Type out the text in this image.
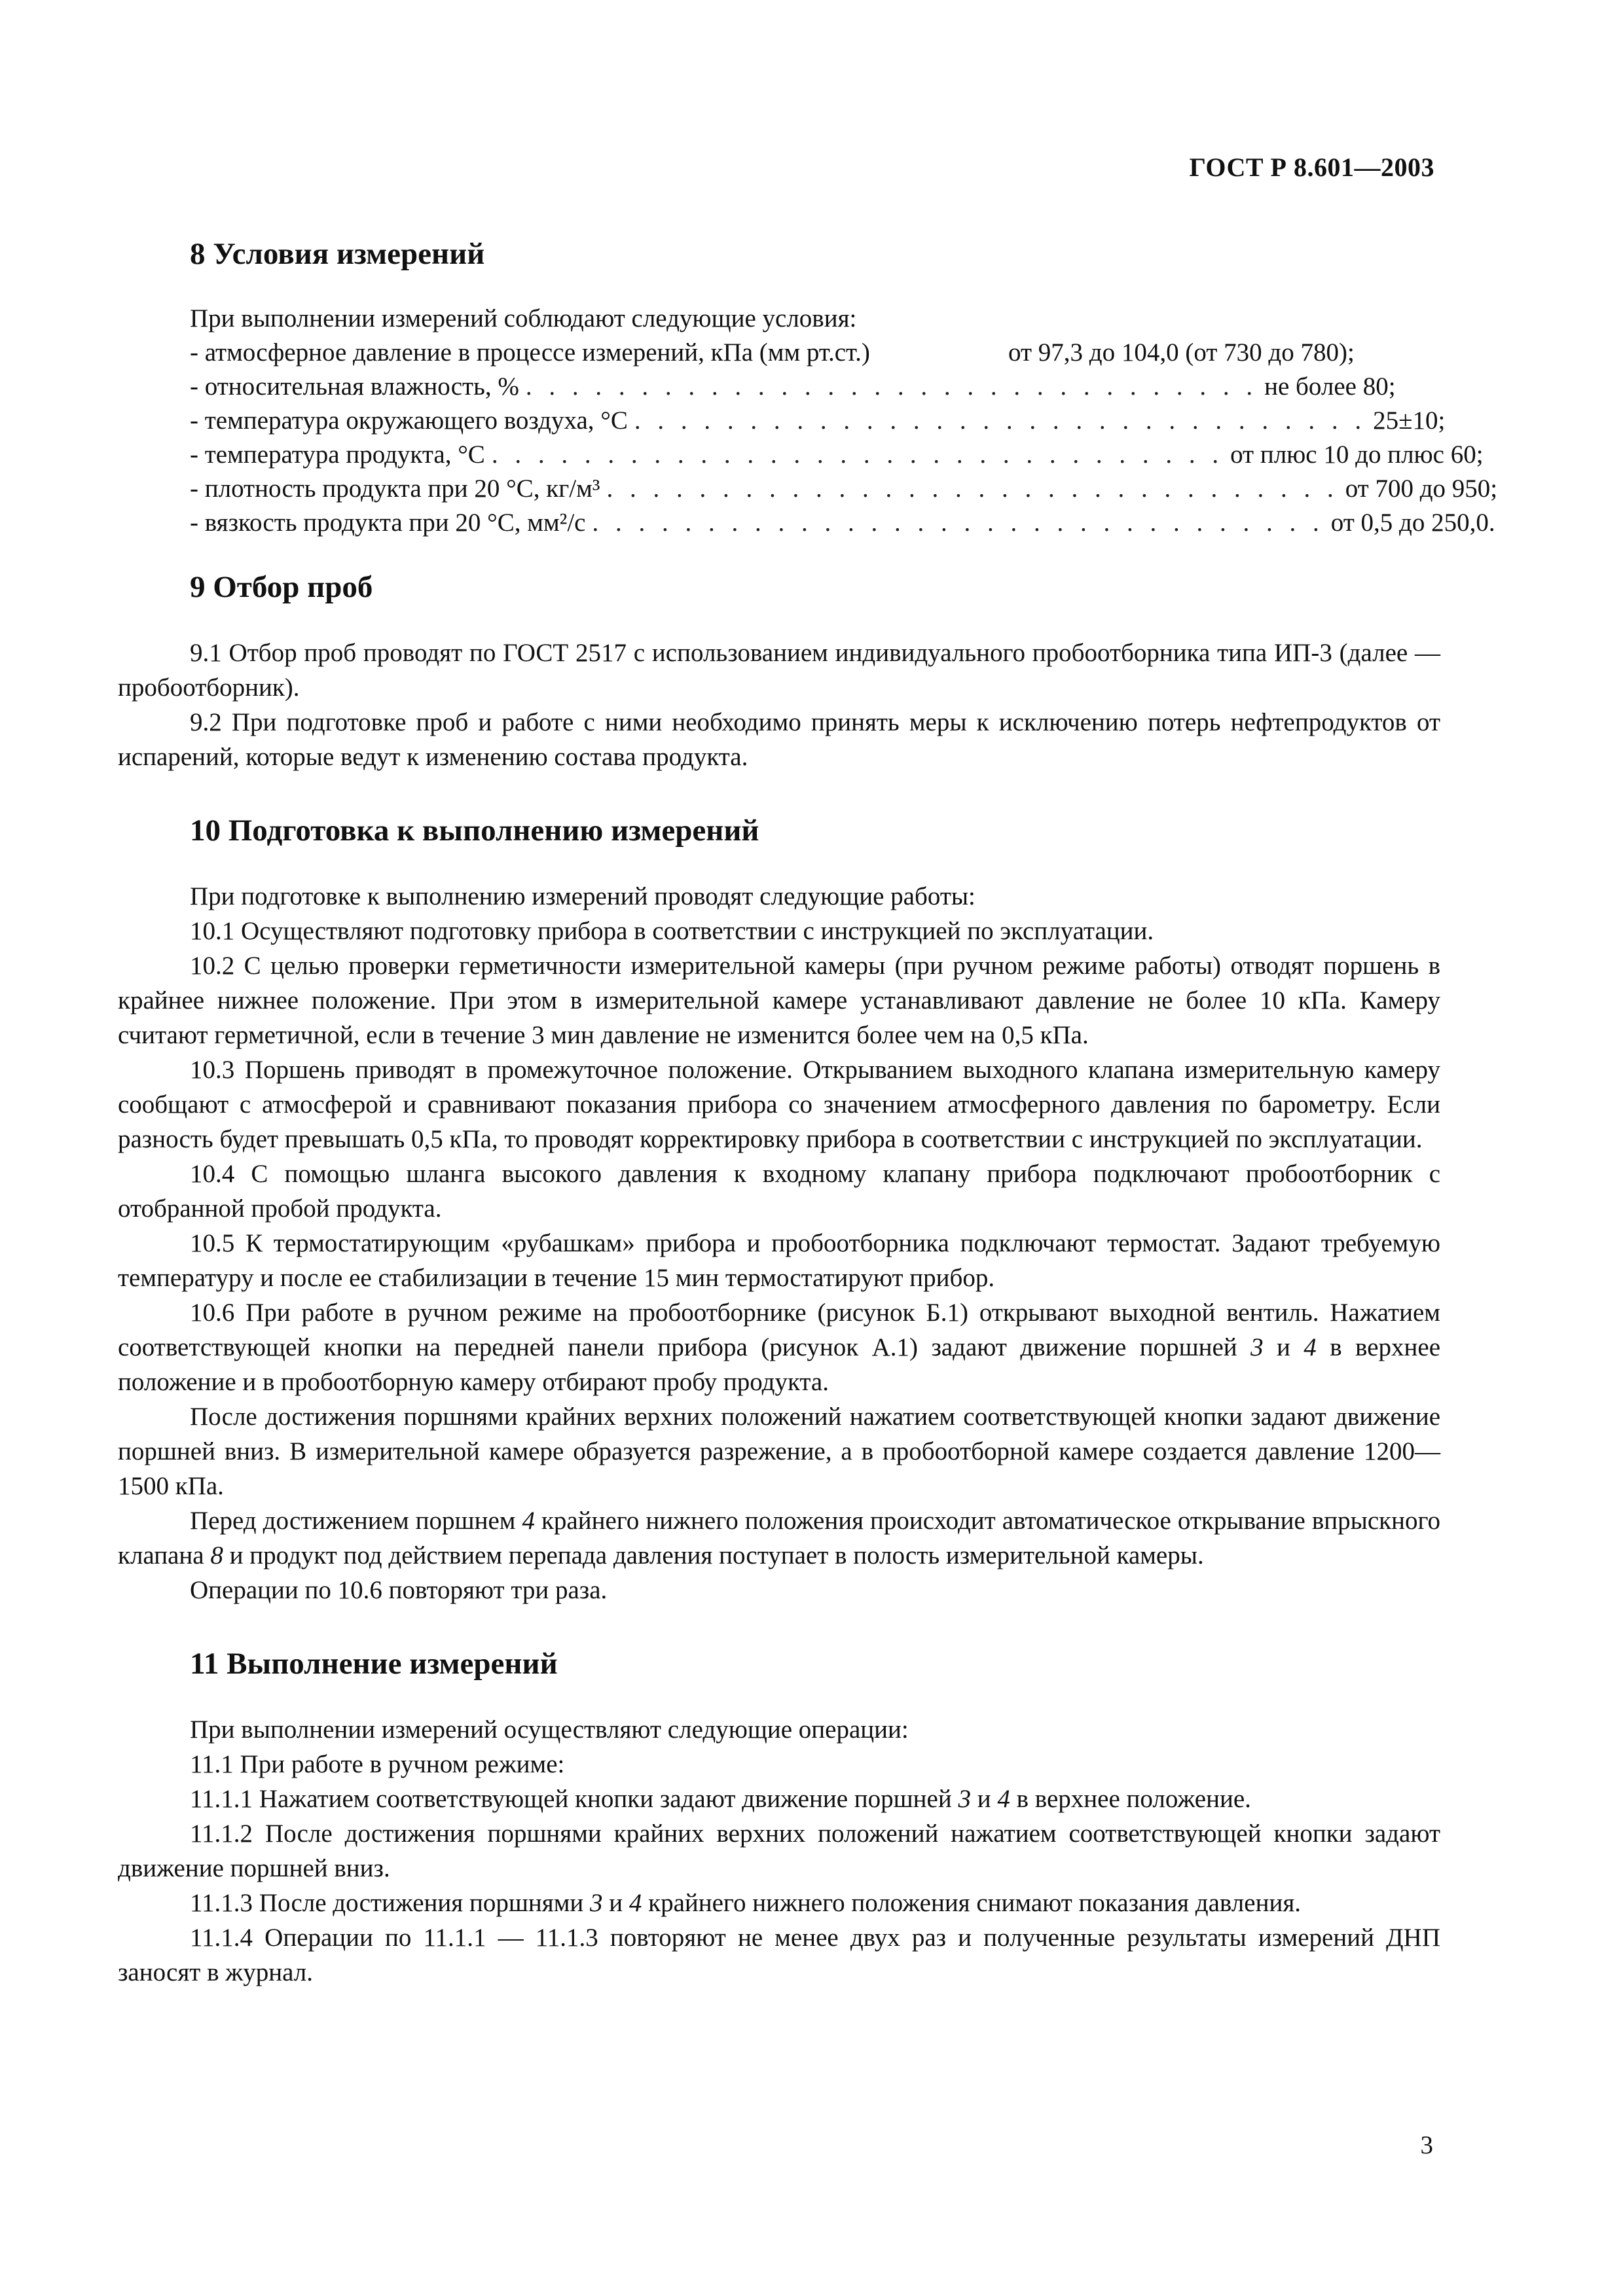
ГОСТ Р 8.601—2003
8 Условия измерений

При выполнении измерений соблюдают следующие условия:

- атмосферное давление в процессе измерений, кПа (мм рт.ст.)	от 97,3 до 104,0 (от 730 до 780);
- относительная влажность, % . . . . . . . . . . . . . . . . . . . . . . . . . . . . . . . . не более 80;
- температура окружающего воздуха, °С . . . . . . . . . . . . . . . . . . . . . . . . . . . . . . . . 25±10;
- температура продукта, °С . . . . . . . . . . . . . . . . . . . . . . . . . . . . . . . . от плюс 10 до плюс 60;
- плотность продукта при 20 °С, кг/м³ . . . . . . . . . . . . . . . . . . . . . . . . . . . . . . . . от 700 до 950;
- вязкость продукта при 20 °С, мм²/с . . . . . . . . . . . . . . . . . . . . . . . . . . . . . . . . от 0,5 до 250,0.
9 Отбор проб

9.1 Отбор проб проводят по ГОСТ 2517 с использованием индивидуального пробоотборника типа ИП-3 (далее — пробоотборник).

9.2 При подготовке проб и работе с ними необходимо принять меры к исключению потерь нефтепродуктов от испарений, которые ведут к изменению состава продукта.

10 Подготовка к выполнению измерений

При подготовке к выполнению измерений проводят следующие работы:

10.1 Осуществляют подготовку прибора в соответствии с инструкцией по эксплуатации.

10.2 С целью проверки герметичности измерительной камеры (при ручном режиме работы) отводят поршень в крайнее нижнее положение. При этом в измерительной камере устанавливают давление не более 10 кПа. Камеру считают герметичной, если в течение 3 мин давление не изменится более чем на 0,5 кПа.

10.3 Поршень приводят в промежуточное положение. Открыванием выходного клапана измерительную камеру сообщают с атмосферой и сравнивают показания прибора со значением атмосферного давления по барометру. Если разность будет превышать 0,5 кПа, то проводят корректировку прибора в соответствии с инструкцией по эксплуатации.

10.4 С помощью шланга высокого давления к входному клапану прибора подключают пробоотборник с отобранной пробой продукта.

10.5 К термостатирующим «рубашкам» прибора и пробоотборника подключают термостат. Задают требуемую температуру и после ее стабилизации в течение 15 мин термостатируют прибор.

10.6 При работе в ручном режиме на пробоотборнике (рисунок Б.1) открывают выходной вентиль. Нажатием соответствующей кнопки на передней панели прибора (рисунок А.1) задают движение поршней 3 и 4 в верхнее положение и в пробоотборную камеру отбирают пробу продукта.

После достижения поршнями крайних верхних положений нажатием соответствующей кнопки задают движение поршней вниз. В измерительной камере образуется разрежение, а в пробоотборной камере создается давление 1200—1500 кПа.

Перед достижением поршнем 4 крайнего нижнего положения происходит автоматическое открывание впрыскного клапана 8 и продукт под действием перепада давления поступает в полость измерительной камеры.

Операции по 10.6 повторяют три раза.

11 Выполнение измерений

При выполнении измерений осуществляют следующие операции:

11.1 При работе в ручном режиме:

11.1.1 Нажатием соответствующей кнопки задают движение поршней 3 и 4 в верхнее положение.

11.1.2 После достижения поршнями крайних верхних положений нажатием соответствующей кнопки задают движение поршней вниз.

11.1.3 После достижения поршнями 3 и 4 крайнего нижнего положения снимают показания давления.

11.1.4 Операции по 11.1.1 — 11.1.3 повторяют не менее двух раз и полученные результаты измерений ДНП заносят в журнал.

3
